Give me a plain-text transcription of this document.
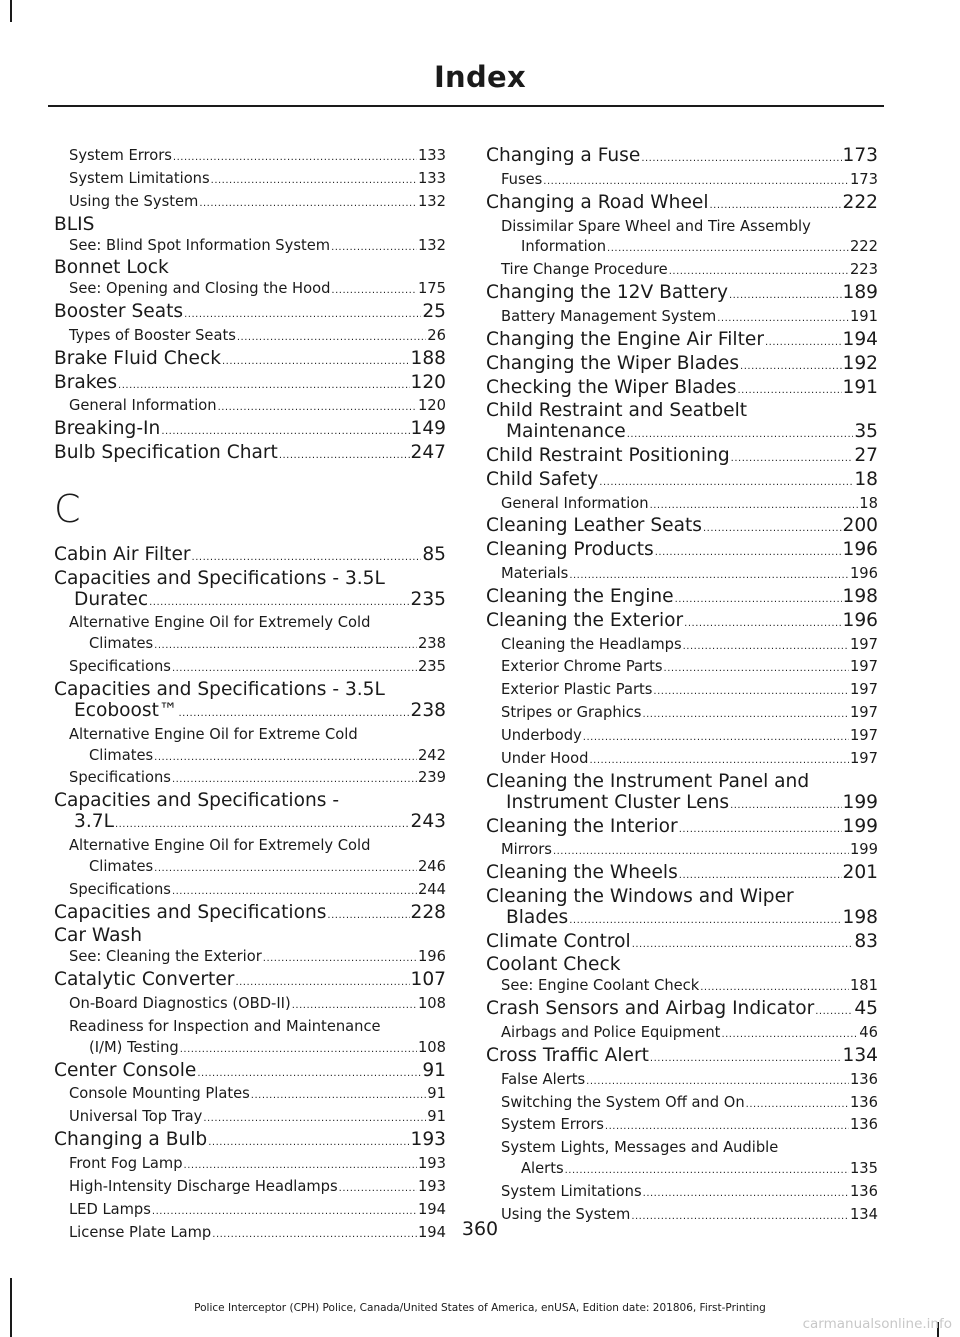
Index
System Errors .....	133
System Limitations .....	133
Using the System .....	132
BLIS
See: Blind Spot Information System .....	132
Bonnet Lock
See: Opening and Closing the Hood .....	175
Booster Seats .....	25
Types of Booster Seats .....	26
Brake Fluid Check .....	188
Brakes .....	120
General Information .....	120
Breaking-In .....	149
Bulb Specification Chart .....	247
C
Cabin Air Filter .....	85
Capacities and Specifications - 3.5L
Duratec .....	235
Alternative Engine Oil for Extremely Cold
Climates .....	238
Specifications .....	235
Capacities and Specifications - 3.5L
Ecoboost™ .....	238
Alternative Engine Oil for Extreme Cold
Climates .....	242
Specifications .....	239
Capacities and Specifications -
3.7L .....	243
Alternative Engine Oil for Extremely Cold
Climates .....	246
Specifications .....	244
Capacities and Specifications .....	228
Car Wash
See: Cleaning the Exterior .....	196
Catalytic Converter .....	107
On-Board Diagnostics (OBD-II) .....	108
Readiness for Inspection and Maintenance
(I/M) Testing .....	108
Center Console .....	91
Console Mounting Plates .....	91
Universal Top Tray .....	91
Changing a Bulb .....	193
Front Fog Lamp .....	193
High-Intensity Discharge Headlamps .....	193
LED Lamps .....	194
License Plate Lamp .....	194
Changing a Fuse .....	173
Fuses .....	173
Changing a Road Wheel .....	222
Dissimilar Spare Wheel and Tire Assembly
Information .....	222
Tire Change Procedure .....	223
Changing the 12V Battery .....	189
Battery Management System .....	191
Changing the Engine Air Filter .....	194
Changing the Wiper Blades .....	192
Checking the Wiper Blades .....	191
Child Restraint and Seatbelt
Maintenance .....	35
Child Restraint Positioning .....	27
Child Safety .....	18
General Information .....	18
Cleaning Leather Seats .....	200
Cleaning Products .....	196
Materials .....	196
Cleaning the Engine .....	198
Cleaning the Exterior .....	196
Cleaning the Headlamps .....	197
Exterior Chrome Parts .....	197
Exterior Plastic Parts .....	197
Stripes or Graphics .....	197
Underbody .....	197
Under Hood .....	197
Cleaning the Instrument Panel and
Instrument Cluster Lens .....	199
Cleaning the Interior .....	199
Mirrors .....	199
Cleaning the Wheels .....	201
Cleaning the Windows and Wiper
Blades .....	198
Climate Control .....	83
Coolant Check
See: Engine Coolant Check .....	181
Crash Sensors and Airbag Indicator ..... 45
Airbags and Police Equipment .....	46
Cross Traffic Alert .....	134
False Alerts .....	136
Switching the System Off and On .....	136
System Errors .....	136
System Lights, Messages and Audible
Alerts .....	135
System Limitations .....	136
Using the System .....	134
360
Police Interceptor (CPH) Police, Canada/United States of America, enUSA, Edition date: 201806, First-Printing
carmanualsonline.info
